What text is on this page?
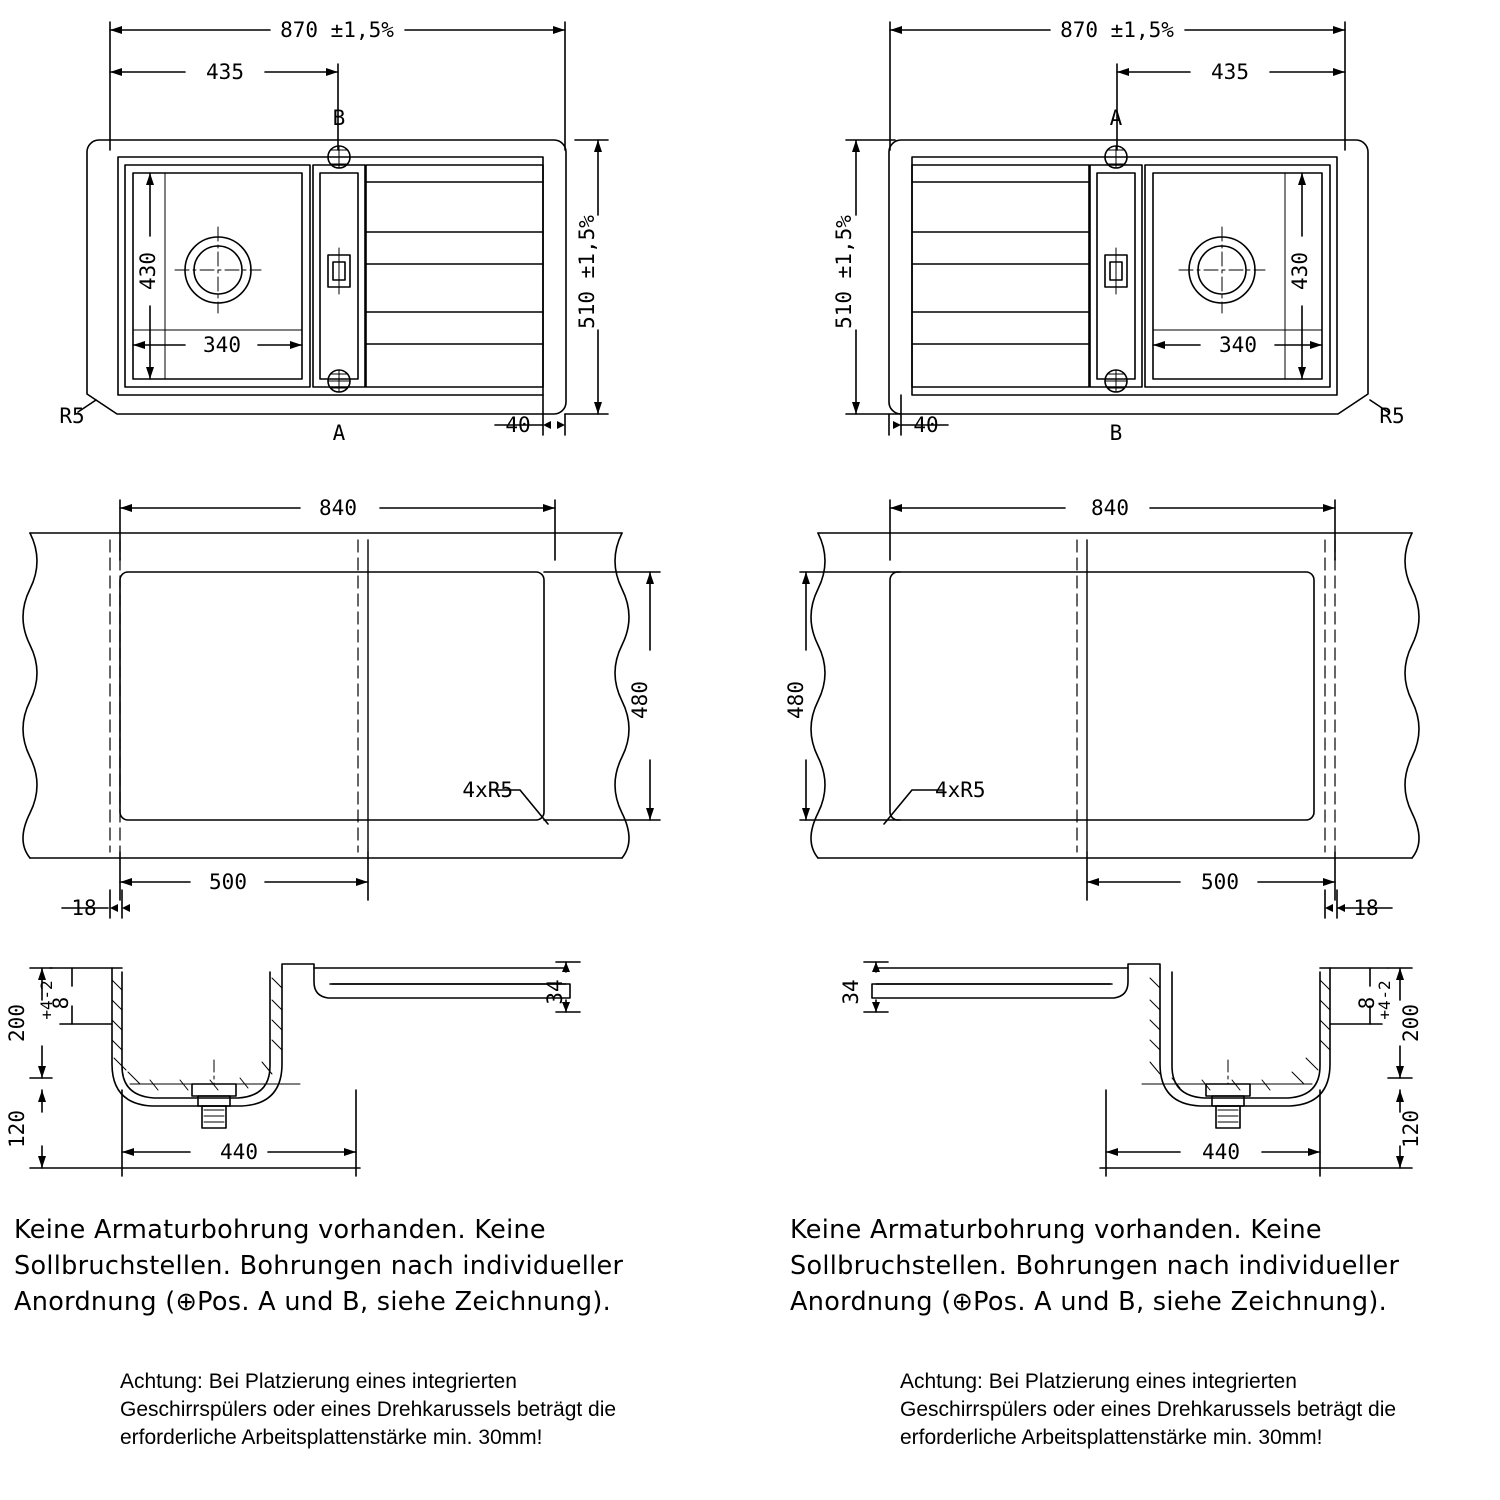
870 ±1,5%
435
B
A
510 ±1,5%
430
340
40
R5
840
480
500
18
4xR5
200
8
+4
-2
120
440
34
870 ±1,5%
435
A
B
510 ±1,5%	430
340
40	R5
840
480
500
18
4xR5
200
8
+4
-2
120
440
34
Keine Armaturbohrung vorhanden. Keine Sollbruchstellen. Bohrungen nach individueller Anordnung (⊕Pos. A und B, siehe Zeichnung).
Keine Armaturbohrung vorhanden. Keine Sollbruchstellen. Bohrungen nach individueller Anordnung (⊕Pos. A und B, siehe Zeichnung).
Achtung: Bei Platzierung eines integrierten Geschirrspülers oder eines Drehkarussels beträgt die erforderliche Arbeitsplattenstärke min. 30mm!
Achtung: Bei Platzierung eines integrierten Geschirrspülers oder eines Drehkarussels beträgt die erforderliche Arbeitsplattenstärke min. 30mm!
